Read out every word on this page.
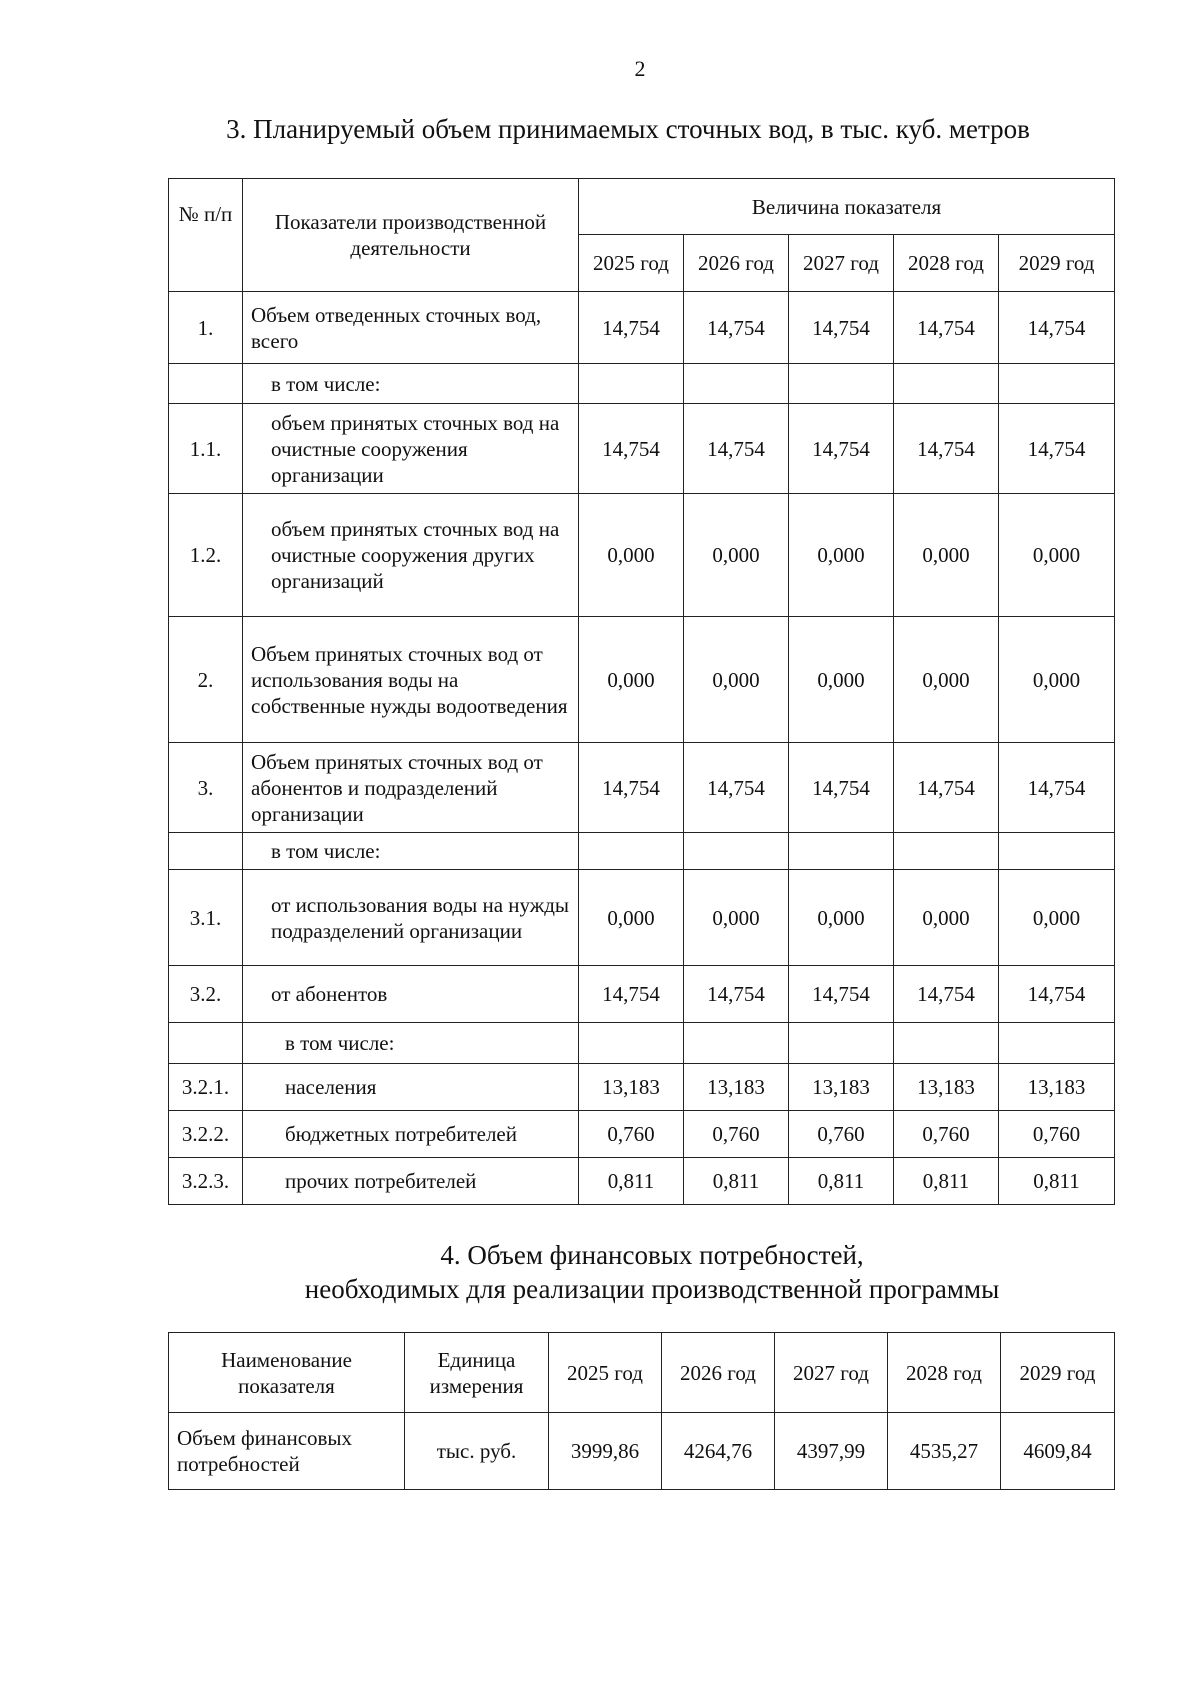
2
3. Планируемый объем принимаемых сточных вод, в тыс. куб. метров
№ п/п	Показатели производственной деятельности	Величина показателя				
		2025 год	2026 год	2027 год	2028 год	2029 год
1.	Объем отведенных сточных вод, всего	14,754	14,754	14,754	14,754	14,754
	в том числе:					
1.1.	объем принятых сточных вод на очистные сооружения организации	14,754	14,754	14,754	14,754	14,754
1.2.	объем принятых сточных вод на очистные сооружения других организаций	0,000	0,000	0,000	0,000	0,000
2.	Объем принятых сточных вод от использования воды на собственные нужды водоотведения	0,000	0,000	0,000	0,000	0,000
3.	Объем принятых сточных вод от абонентов и подразделений организации	14,754	14,754	14,754	14,754	14,754
	в том числе:					
3.1.	от использования воды на нужды подразделений организации	0,000	0,000	0,000	0,000	0,000
3.2.	от абонентов	14,754	14,754	14,754	14,754	14,754
	в том числе:					
3.2.1.	населения	13,183	13,183	13,183	13,183	13,183
3.2.2.	бюджетных потребителей	0,760	0,760	0,760	0,760	0,760
3.2.3.	прочих потребителей	0,811	0,811	0,811	0,811	0,811
4. Объем финансовых потребностей,
необходимых для реализации производственной программы
Наименование показателя	Единица измерения	2025 год	2026 год	2027 год	2028 год	2029 год
Объем финансовых потребностей	тыс. руб.	3999,86	4264,76	4397,99	4535,27	4609,84
